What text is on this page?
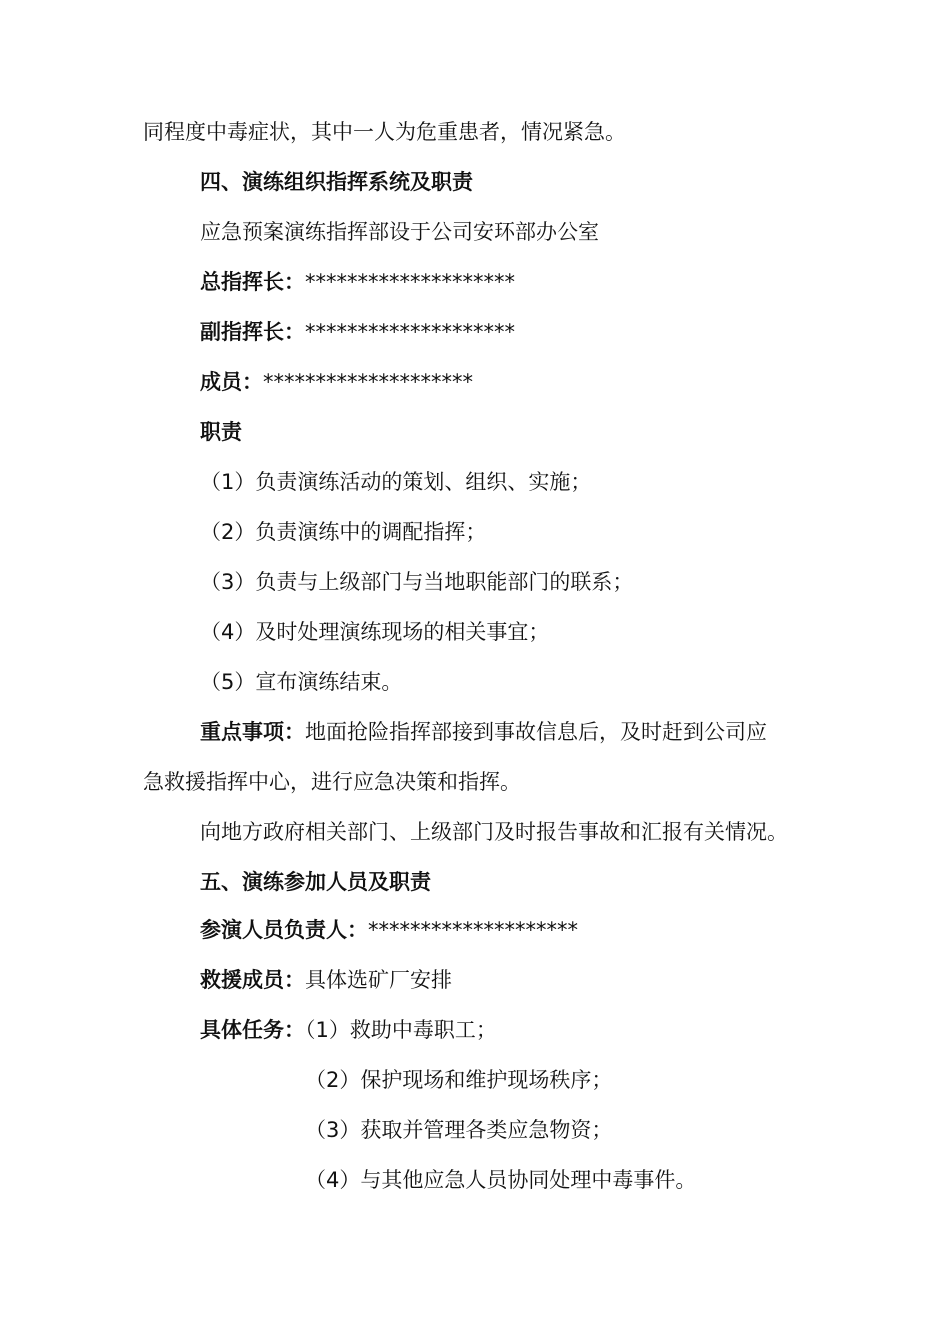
同程度中毒症状，其中一人为危重患者，情况紧急。
四、演练组织指挥系统及职责
应急预案演练指挥部设于公司安环部办公室
总指挥长：********************
副指挥长：********************
成员：********************
职责
（1）负责演练活动的策划、组织、实施；
（2）负责演练中的调配指挥；
（3）负责与上级部门与当地职能部门的联系；
（4）及时处理演练现场的相关事宜；
（5）宣布演练结束。
重点事项：地面抢险指挥部接到事故信息后，及时赶到公司应
急救援指挥中心，进行应急决策和指挥。
向地方政府相关部门、上级部门及时报告事故和汇报有关情况。
五、演练参加人员及职责
参演人员负责人：********************
救援成员：具体选矿厂安排
具体任务：（1）救助中毒职工；
（2）保护现场和维护现场秩序；
（3）获取并管理各类应急物资；
（4）与其他应急人员协同处理中毒事件。
